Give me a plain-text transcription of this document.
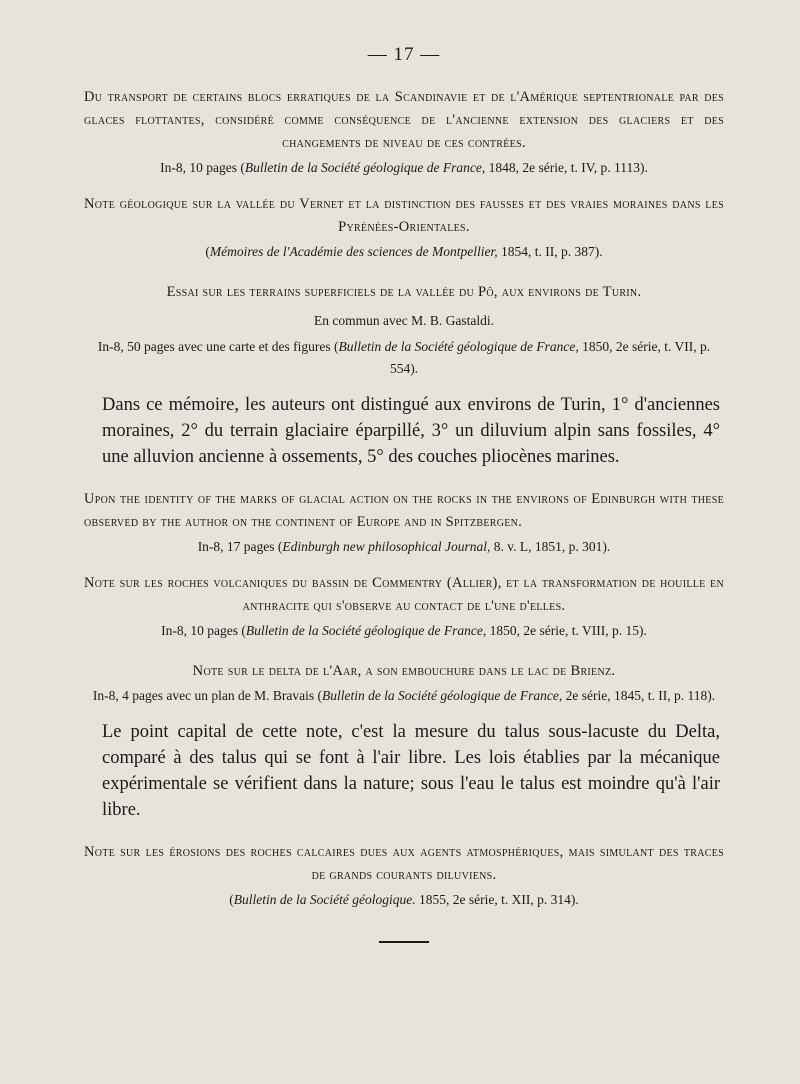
— 17 —

Du transport de certains blocs erratiques de la Scandinavie et de l'Amérique septentrionale par des glaces flottantes, considéré comme conséquence de l'ancienne extension des glaciers et des changements de niveau de ces contrées.

In-8, 10 pages (Bulletin de la Société géologique de France, 1848, 2e série, t. IV, p. 1113).

Note géologique sur la vallée du Vernet et la distinction des fausses et des vraies moraines dans les Pyrénées-Orientales.

(Mémoires de l'Académie des sciences de Montpellier, 1854, t. II, p. 387).

Essai sur les terrains superficiels de la vallée du Pô, aux environs de Turin.

En commun avec M. B. Gastaldi.

In-8, 50 pages avec une carte et des figures (Bulletin de la Société géologique de France, 1850, 2e série, t. VII, p. 554).

Dans ce mémoire, les auteurs ont distingué aux environs de Turin, 1° d'anciennes moraines, 2° du terrain glaciaire éparpillé, 3° un diluvium alpin sans fossiles, 4° une alluvion ancienne à ossements, 5° des couches pliocènes marines.

Upon the identity of the marks of glacial action on the rocks in the environs of Edinburgh with these observed by the author on the continent of Europe and in Spitzbergen.

In-8, 17 pages (Edinburgh new philosophical Journal, 8. v. L, 1851, p. 301).

Note sur les roches volcaniques du bassin de Commentry (Allier), et la transformation de houille en anthracite qui s'observe au contact de l'une d'elles.

In-8, 10 pages (Bulletin de la Société géologique de France, 1850, 2e série, t. VIII, p. 15).

Note sur le delta de l'Aar, a son embouchure dans le lac de Brienz.

In-8, 4 pages avec un plan de M. Bravais (Bulletin de la Société géologique de France, 2e série, 1845, t. II, p. 118).

Le point capital de cette note, c'est la mesure du talus sous-lacuste du Delta, comparé à des talus qui se font à l'air libre. Les lois établies par la mécanique expérimentale se vérifient dans la nature; sous l'eau le talus est moindre qu'à l'air libre.

Note sur les érosions des roches calcaires dues aux agents atmosphériques, mais simulant des traces de grands courants diluviens.

(Bulletin de la Société géologique. 1855, 2e série, t. XII, p. 314).
